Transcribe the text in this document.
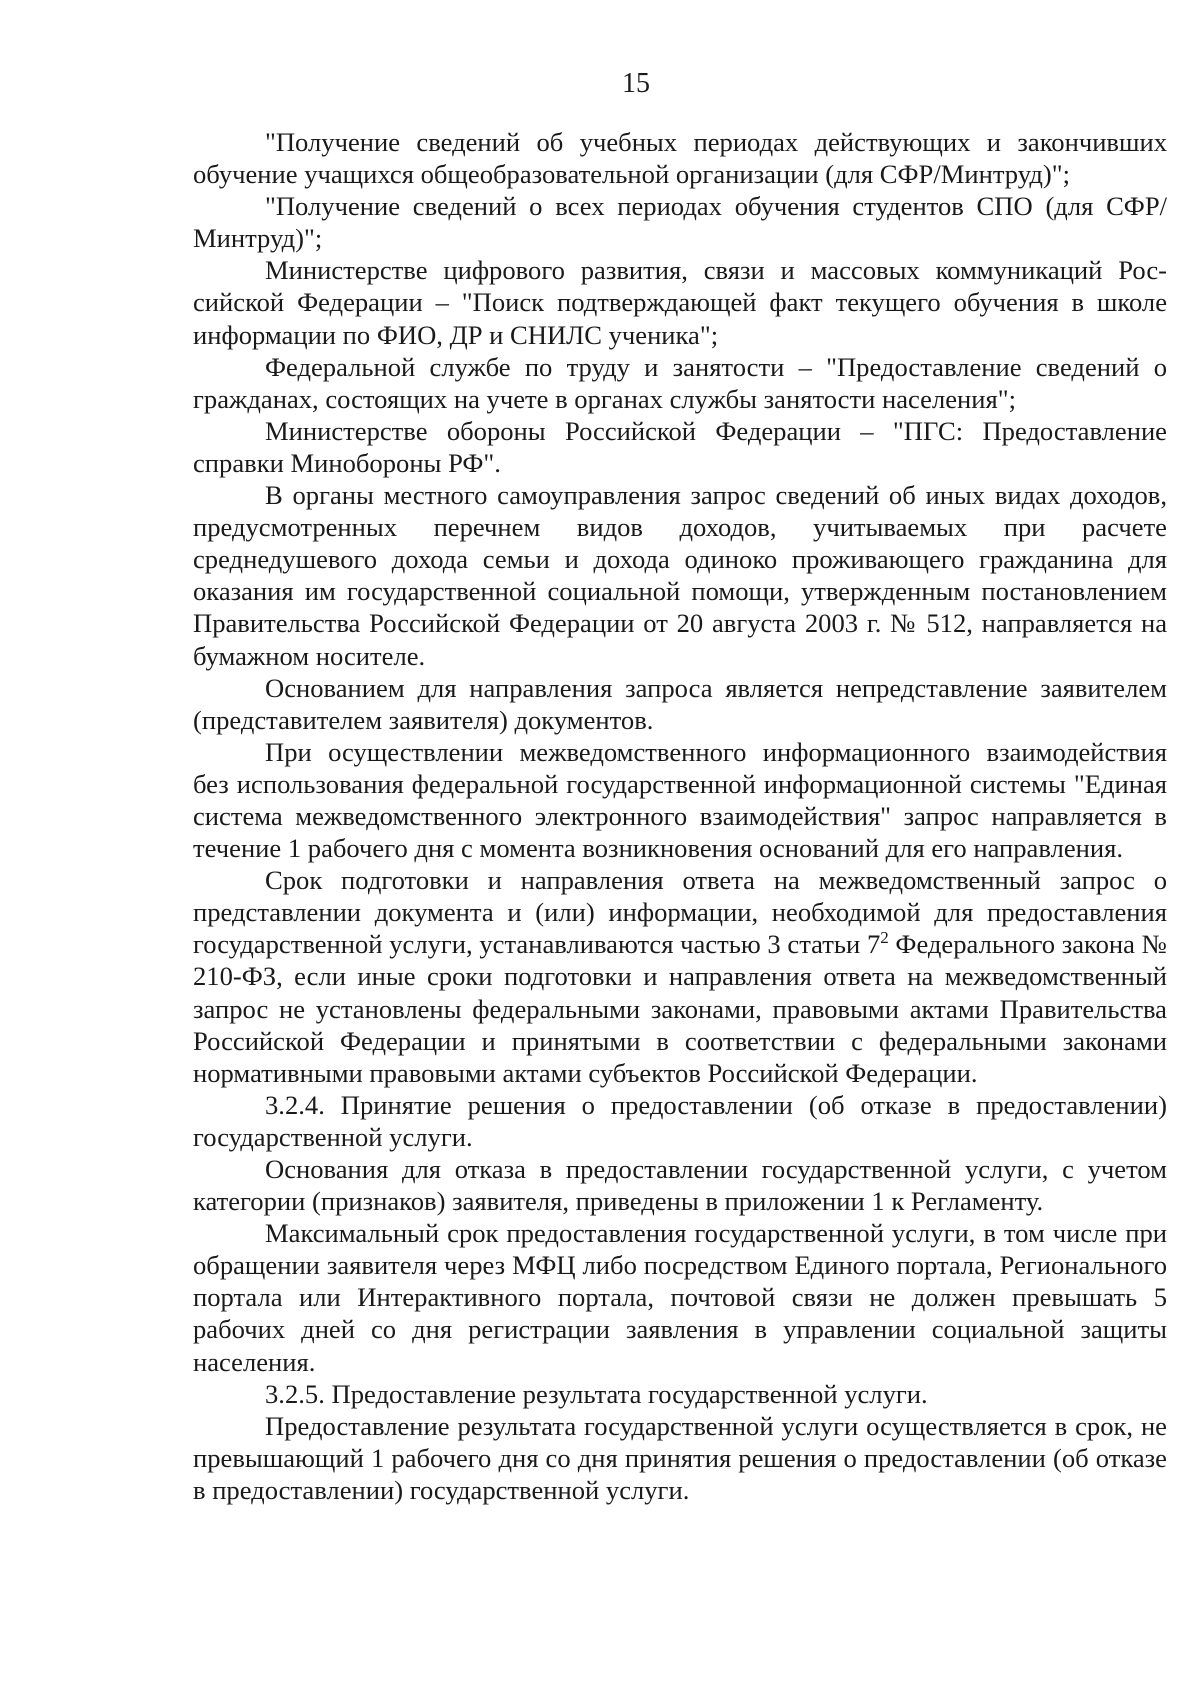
15

"Получение сведений об учебных периодах действующих и закончивших обучение учащихся общеобразовательной организации (для СФР/Минтруд)";

"Получение сведений о всех периодах обучения студентов СПО (для СФР/Минтруд)";

Министерстве цифрового развития, связи и массовых коммуникаций Российской Федерации – "Поиск подтверждающей факт текущего обучения в школе информации по ФИО, ДР и СНИЛС ученика";

Федеральной службе по труду и занятости – "Предоставление сведений о гражданах, состоящих на учете в органах службы занятости населения";

Министерстве обороны Российской Федерации – "ПГС: Предоставление справки Минобороны РФ".

В органы местного самоуправления запрос сведений об иных видах доходов, предусмотренных перечнем видов доходов, учитываемых при расчете среднедушевого дохода семьи и дохода одиноко проживающего гражданина для оказания им государственной социальной помощи, утвержденным постановлением Правительства Российской Федерации от 20 августа 2003 г. № 512, направляется на бумажном носителе.

Основанием для направления запроса является непредставление заявителем (представителем заявителя) документов.

При осуществлении межведомственного информационного взаимодействия без использования федеральной государственной информационной системы "Единая система межведомственного электронного взаимодействия" запрос направляется в течение 1 рабочего дня с момента возникновения оснований для его направления.

Срок подготовки и направления ответа на межведомственный запрос о представлении документа и (или) информации, необходимой для предоставления государственной услуги, устанавливаются частью 3 статьи $7^2$ Федерального закона № 210-ФЗ, если иные сроки подготовки и направления ответа на межведомственный запрос не установлены федеральными законами, правовыми актами Правительства Российской Федерации и принятыми в соответствии с федеральными законами нормативными правовыми актами субъектов Российской Федерации.

3.2.4. Принятие решения о предоставлении (об отказе в предоставлении) государственной услуги.

Основания для отказа в предоставлении государственной услуги, с учетом категории (признаков) заявителя, приведены в приложении 1 к Регламенту.

Максимальный срок предоставления государственной услуги, в том числе при обращении заявителя через МФЦ либо посредством Единого портала, Регионального портала или Интерактивного портала, почтовой связи не должен превышать 5 рабочих дней со дня регистрации заявления в управлении социальной защиты населения.

3.2.5. Предоставление результата государственной услуги.

Предоставление результата государственной услуги осуществляется в срок, не превышающий 1 рабочего дня со дня принятия решения о предоставлении (об отказе в предоставлении) государственной услуги.
